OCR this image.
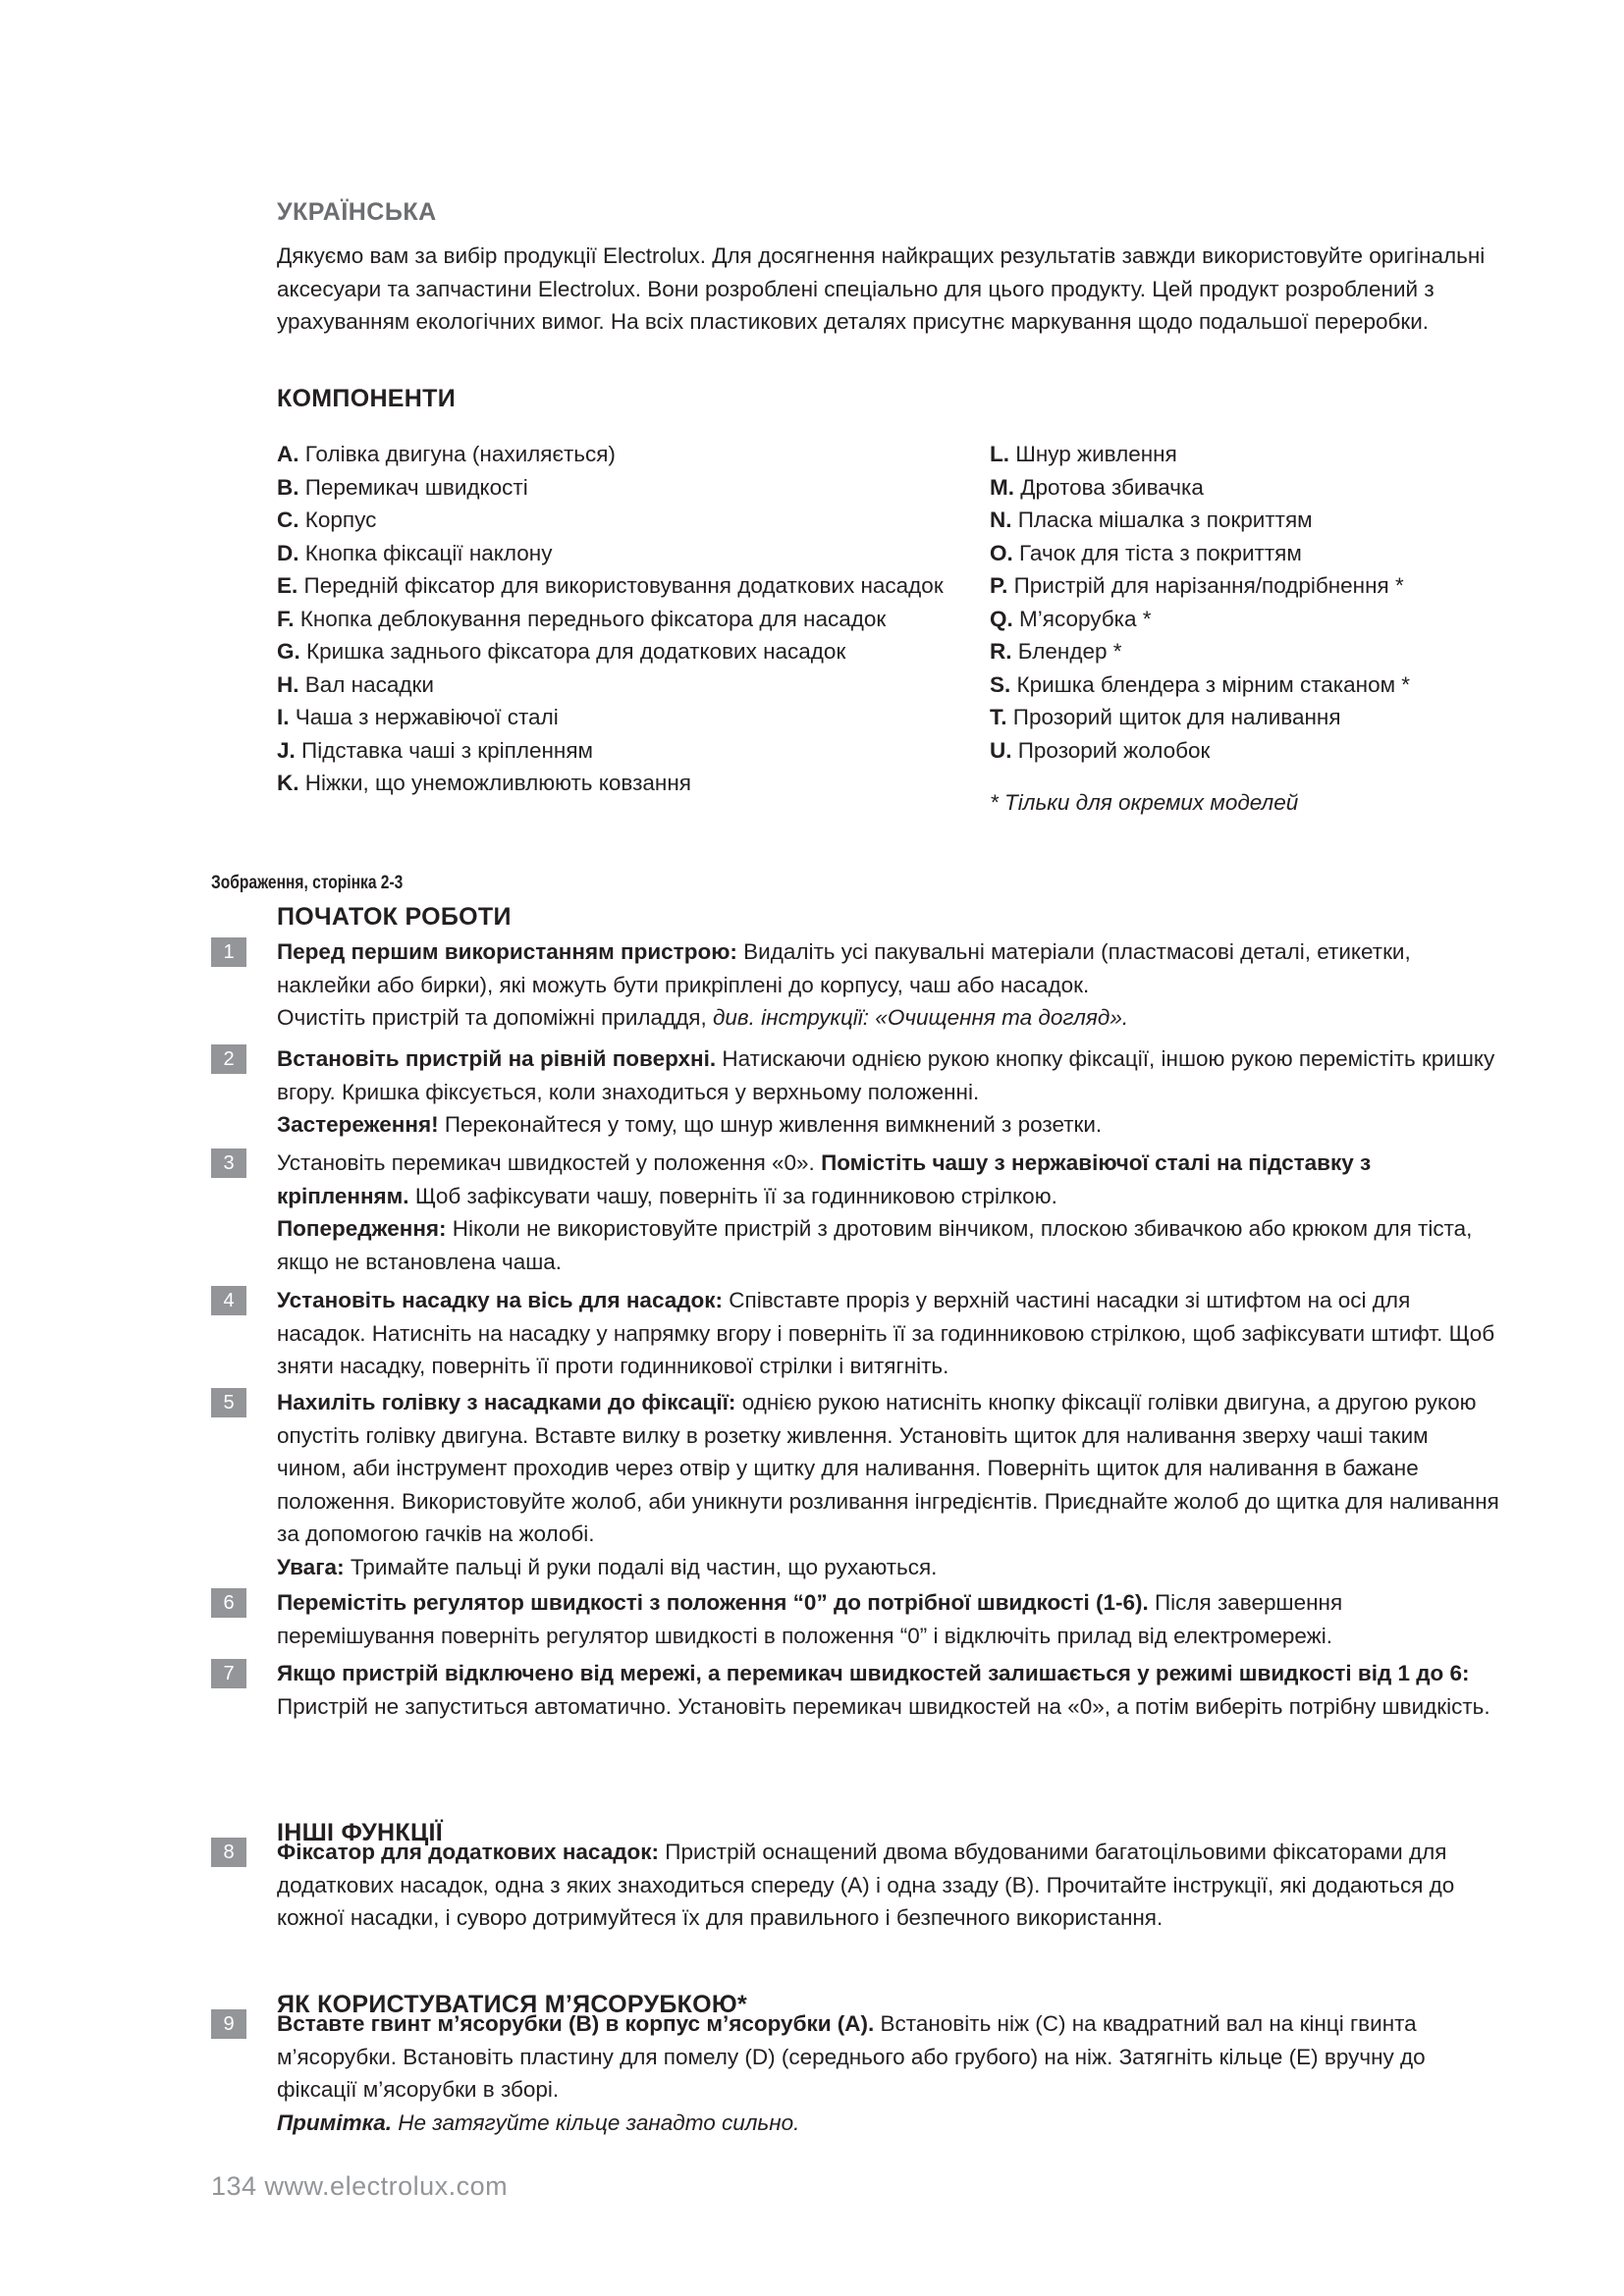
УКРАЇНСЬКА

Дякуємо вам за вибір продукції Electrolux. Для досягнення найкращих результатів завжди використовуйте оригінальні аксесуари та запчастини Electrolux. Вони розроблені спеціально для цього продукту. Цей продукт розроблений з урахуванням екологічних вимог. На всіх пластикових деталях присутнє маркування щодо подальшої переробки.

КОМПОНЕНТИ
A. Голівка двигуна (нахиляється)
B. Перемикач швидкості
C. Корпус
D. Кнопка фіксації наклону
E. Передній фіксатор для використовування додаткових насадок
F. Кнопка деблокування переднього фіксатора для насадок
G. Кришка заднього фіксатора для додаткових насадок
H. Вал насадки
I. Чаша з нержавіючої сталі
J. Підставка чаші з кріпленням
K. Ніжки, що унеможливлюють ковзання
L. Шнур живлення
M. Дротова збивачка
N. Пласка мішалка з покриттям
O. Гачок для тіста з покриттям
P. Пристрій для нарізання/подрібнення *
Q. М’ясорубка *
R. Блендер *
S. Кришка блендера з мірним стаканом *
T. Прозорий щиток для наливання
U. Прозорий жолобок
* Тільки для окремих моделей
Зображення, сторінка 2-3
ПОЧАТОК РОБОТИ
1	Перед першим використанням пристрою: Видаліть усі пакувальні матеріали (пластмасові деталі, етикетки, наклейки або бирки), які можуть бути прикріплені до корпусу, чаш або насадок.

Очистіть пристрій та допоміжні приладдя, див. інструкції: «Очищення та догляд».

2	Встановіть пристрій на рівній поверхні. Натискаючи однією рукою кнопку фіксації, іншою рукою перемістіть кришку вгору. Кришка фіксується, коли знаходиться у верхньому положенні.

Застереження! Переконайтеся у тому, що шнур живлення вимкнений з розетки.

3	Установіть перемикач швидкостей у положення «0». Помістіть чашу з нержавіючої сталі на підставку з кріпленням. Щоб зафіксувати чашу, поверніть її за годинниковою стрілкою.

Попередження: Ніколи не використовуйте пристрій з дротовим вінчиком, плоскою збивачкою або крюком для тіста, якщо не встановлена чаша.

4	Установіть насадку на вісь для насадок: Співставте проріз у верхній частині насадки зі штифтом на осі для насадок. Натисніть на насадку у напрямку вгору і поверніть її за годинниковою стрілкою, щоб зафіксувати штифт. Щоб зняти насадку, поверніть її проти годинникової стрілки і витягніть.

5	Нахиліть голівку з насадками до фіксації: однією рукою натисніть кнопку фіксації голівки двигуна, а другою рукою опустіть голівку двигуна. Вставте вилку в розетку живлення. Установіть щиток для наливання зверху чаші таким чином, аби інструмент проходив через отвір у щитку для наливання. Поверніть щиток для наливання в бажане положення. Використовуйте жолоб, аби уникнути розливання інгредієнтів. Приєднайте жолоб до щитка для наливання за допомогою гачків на жолобі.

Увага: Тримайте пальці й руки подалі від частин, що рухаються.

6	Перемістіть регулятор швидкості з положення “0” до потрібної швидкості (1-6). Після завершення перемішування поверніть регулятор швидкості в положення “0” і відключіть прилад від електромережі.

7	Якщо пристрій відключено від мережі, а перемикач швидкостей залишається у режимі швидкості від 1 до 6: Пристрій не запуститься автоматично. Установіть перемикач швидкостей на «0», а потім виберіть потрібну швидкість.

ІНШІ ФУНКЦІЇ
8	Фіксатор для додаткових насадок: Пристрій оснащений двома вбудованими багатоцільовими фіксаторами для додаткових насадок, одна з яких знаходиться спереду (A) і одна ззаду (B). Прочитайте інструкції, які додаються до кожної насадки, і суворо дотримуйтеся їх для правильного і безпечного використання.

ЯК КОРИСТУВАТИСЯ М’ЯСОРУБКОЮ*
9	Вставте гвинт м’ясорубки (B) в корпус м’ясорубки (A). Встановіть ніж (C) на квадратний вал на кінці гвинта м’ясорубки. Встановіть пластину для помелу (D) (середнього або грубого) на ніж. Затягніть кільце (E) вручну до фіксації м’ясорубки в зборі.

Примітка. Не затягуйте кільце занадто сильно.

134 www.electrolux.com
